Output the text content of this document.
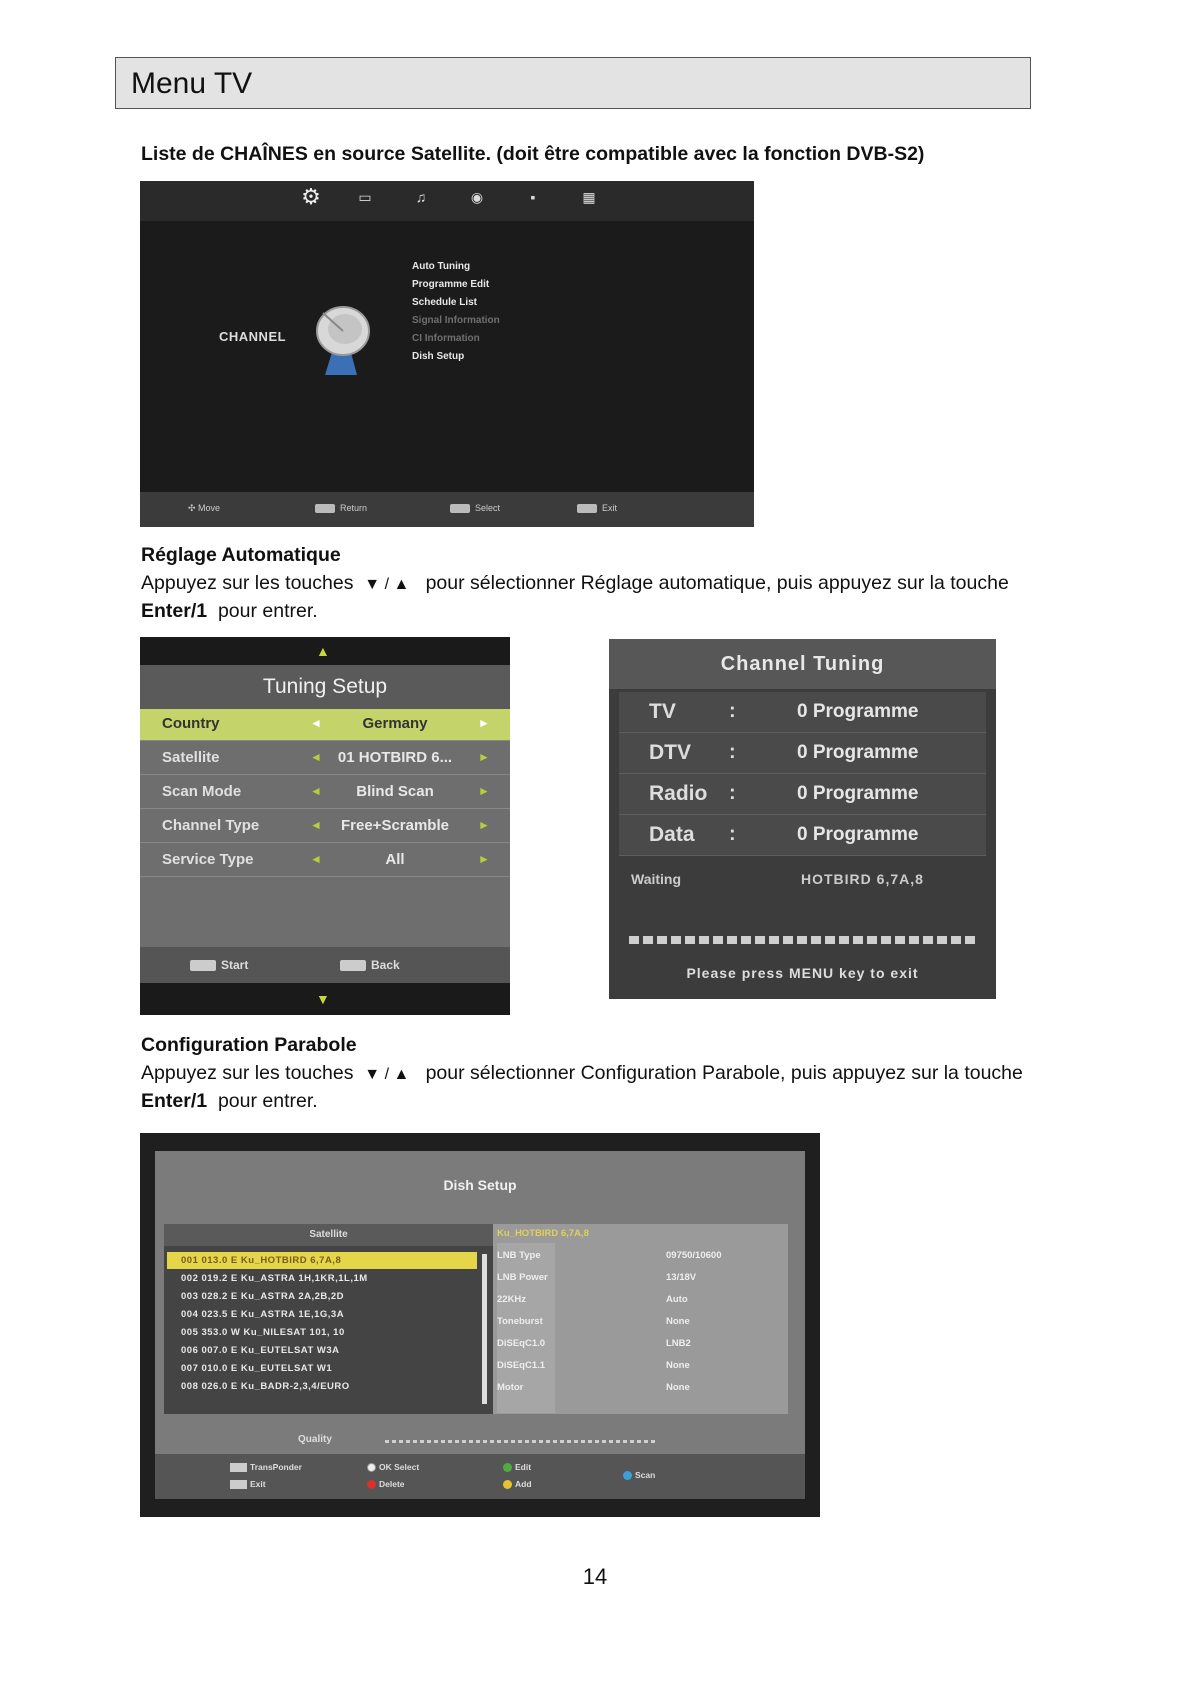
Menu TV
Liste de CHAÎNES en source Satellite. (doit être compatible avec la fonction DVB-S2)
⚙	▭	♫	◉	▪	▦
CHANNEL
Auto Tuning
Programme Edit
Schedule List
Signal Information
CI Information
Dish Setup
✣ Move	Return	Select	Exit
Réglage Automatique
Appuyez sur les touches ▼ / ▲ pour sélectionner Réglage automatique, puis appuyez sur la touche
Enter/1 pour entrer.
▲
Tuning Setup
Country	◄	Germany	►
Satellite	◄	01 HOTBIRD 6...	►
Scan Mode	◄	Blind Scan	►
Channel Type	◄	Free+Scramble	►
Service Type	◄	All	►
Start	Back
▼
Channel Tuning
TV	:	0 Programme
DTV :	0 Programme
Radio :	0 Programme
Data :	0 Programme
Waiting	HOTBIRD 6,7A,8
Please press MENU key to exit
Configuration Parabole
Appuyez sur les touches ▼ / ▲ pour sélectionner Configuration Parabole, puis appuyez sur la touche
Enter/1 pour entrer.
Dish Setup
Satellite
001 013.0 E Ku_HOTBIRD 6,7A,8
002 019.2 E Ku_ASTRA 1H,1KR,1L,1M
003 028.2 E Ku_ASTRA 2A,2B,2D
004 023.5 E Ku_ASTRA 1E,1G,3A
005 353.0 W Ku_NILESAT 101, 10
006 007.0 E Ku_EUTELSAT W3A
007 010.0 E Ku_EUTELSAT W1
008 026.0 E Ku_BADR-2,3,4/EURO
Ku_HOTBIRD 6,7A,8
LNB Type	09750/10600
LNB Power	13/18V
22KHz	Auto
Toneburst	None
DiSEqC1.0	LNB2
DiSEqC1.1	None
Motor	None
Quality
TransPonder
Exit
OK Select
Delete
Edit
Add
Scan
14
